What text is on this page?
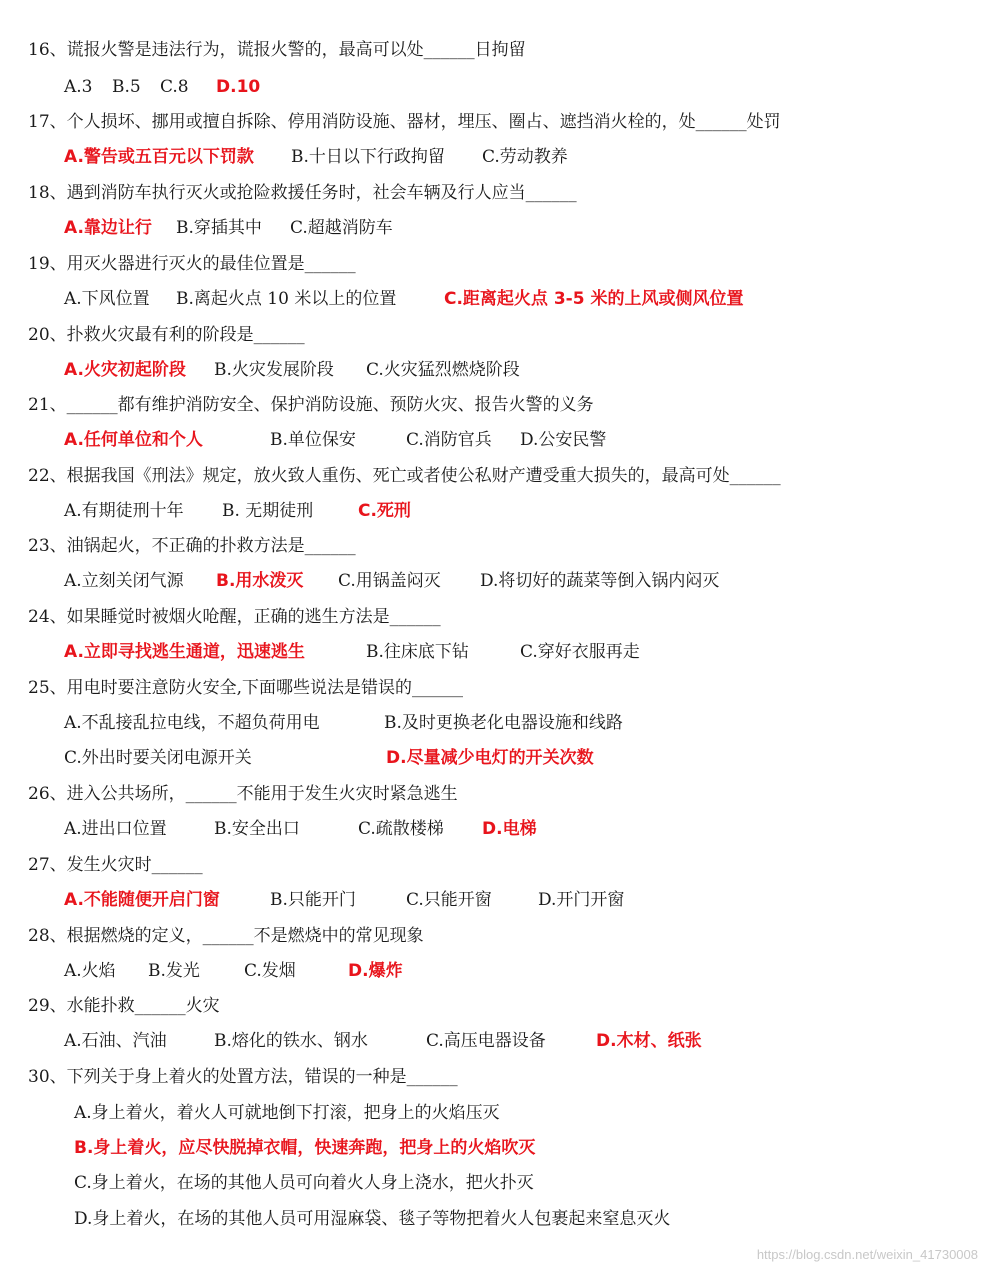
16、谎报火警是违法行为，谎报火警的，最高可以处______日拘留
A.3 B.5 C.8 D.10
17、个人损坏、挪用或擅自拆除、停用消防设施、器材，埋压、圈占、遮挡消火栓的，处______处罚
A.警告或五百元以下罚款 B.十日以下行政拘留 C.劳动教养
18、遇到消防车执行灭火或抢险救援任务时，社会车辆及行人应当______
A.靠边让行 B.穿插其中 C.超越消防车
19、用灭火器进行灭火的最佳位置是______
A.下风位置 B.离起火点 10 米以上的位置	C.距离起火点 3-5 米的上风或侧风位置
20、扑救火灾最有利的阶段是______
A.火灾初起阶段 B.火灾发展阶段 C.火灾猛烈燃烧阶段
21、______都有维护消防安全、保护消防设施、预防火灾、报告火警的义务
A.任何单位和个人	B.单位保安	C.消防官兵 D.公安民警
22、根据我国《刑法》规定，放火致人重伤、死亡或者使公私财产遭受重大损失的，最高可处______
A.有期徒刑十年 B. 无期徒刑	C.死刑
23、油锅起火，不正确的扑救方法是______
A.立刻关闭气源 B.用水泼灭 C.用锅盖闷灭 D.将切好的蔬菜等倒入锅内闷灭
24、如果睡觉时被烟火呛醒，正确的逃生方法是______
A.立即寻找逃生通道，迅速逃生	B.往床底下钻	C.穿好衣服再走
25、用电时要注意防火安全,下面哪些说法是错误的______
A.不乱接乱拉电线，不超负荷用电	B.及时更换老化电器设施和线路
C.外出时要关闭电源开关	D.尽量减少电灯的开关次数
26、进入公共场所，______不能用于发生火灾时紧急逃生
A.进出口位置	B.安全出口	C.疏散楼梯 D.电梯
27、发生火灾时______
A.不能随便开启门窗	B.只能开门	C.只能开窗	D.开门开窗
28、根据燃烧的定义，______不是燃烧中的常见现象
A.火焰 B.发光	C.发烟	D.爆炸
29、水能扑救______火灾
A.石油、汽油	B.熔化的铁水、钢水	C.高压电器设备	D.木材、纸张
30、下列关于身上着火的处置方法，错误的一种是______
A.身上着火，着火人可就地倒下打滚，把身上的火焰压灭
B.身上着火，应尽快脱掉衣帽，快速奔跑，把身上的火焰吹灭
C.身上着火，在场的其他人员可向着火人身上浇水，把火扑灭
D.身上着火，在场的其他人员可用湿麻袋、毯子等物把着火人包裹起来窒息灭火
https://blog.csdn.net/weixin_41730008
